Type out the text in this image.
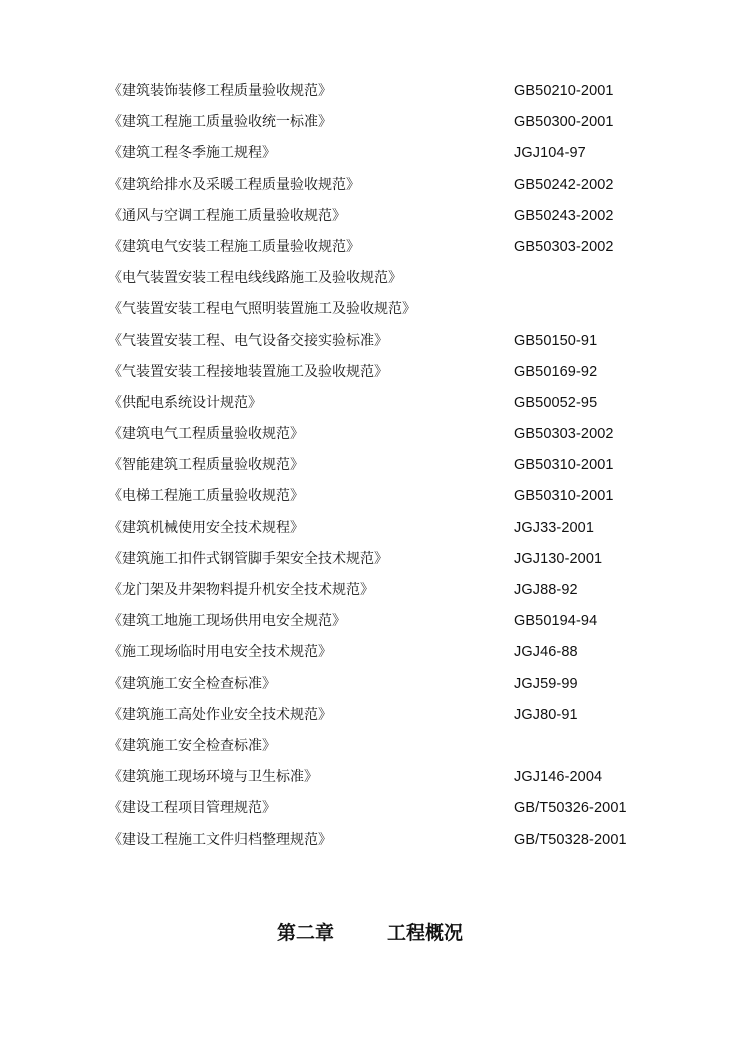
《建筑装饰装修工程质量验收规范》	GB50210-2001
《建筑工程施工质量验收统一标准》	GB50300-2001
《建筑工程冬季施工规程》	JGJ104-97
《建筑给排水及采暖工程质量验收规范》	GB50242-2002
《通风与空调工程施工质量验收规范》	GB50243-2002
《建筑电气安装工程施工质量验收规范》	GB50303-2002
《电气装置安装工程电线线路施工及验收规范》
《气装置安装工程电气照明装置施工及验收规范》
《气装置安装工程、电气设备交接实验标准》	GB50150-91
《气装置安装工程接地装置施工及验收规范》	GB50169-92
《供配电系统设计规范》	GB50052-95
《建筑电气工程质量验收规范》	GB50303-2002
《智能建筑工程质量验收规范》	GB50310-2001
《电梯工程施工质量验收规范》	GB50310-2001
《建筑机械使用安全技术规程》	JGJ33-2001
《建筑施工扣件式钢管脚手架安全技术规范》	JGJ130-2001
《龙门架及井架物料提升机安全技术规范》	JGJ88-92
《建筑工地施工现场供用电安全规范》	GB50194-94
《施工现场临时用电安全技术规范》	JGJ46-88
《建筑施工安全检查标准》	JGJ59-99
《建筑施工高处作业安全技术规范》	JGJ80-91
《建筑施工安全检查标准》
《建筑施工现场环境与卫生标准》	JGJ146-2004
《建设工程项目管理规范》	GB/T50326-2001
《建设工程施工文件归档整理规范》	GB/T50328-2001
第二章	工程概况
